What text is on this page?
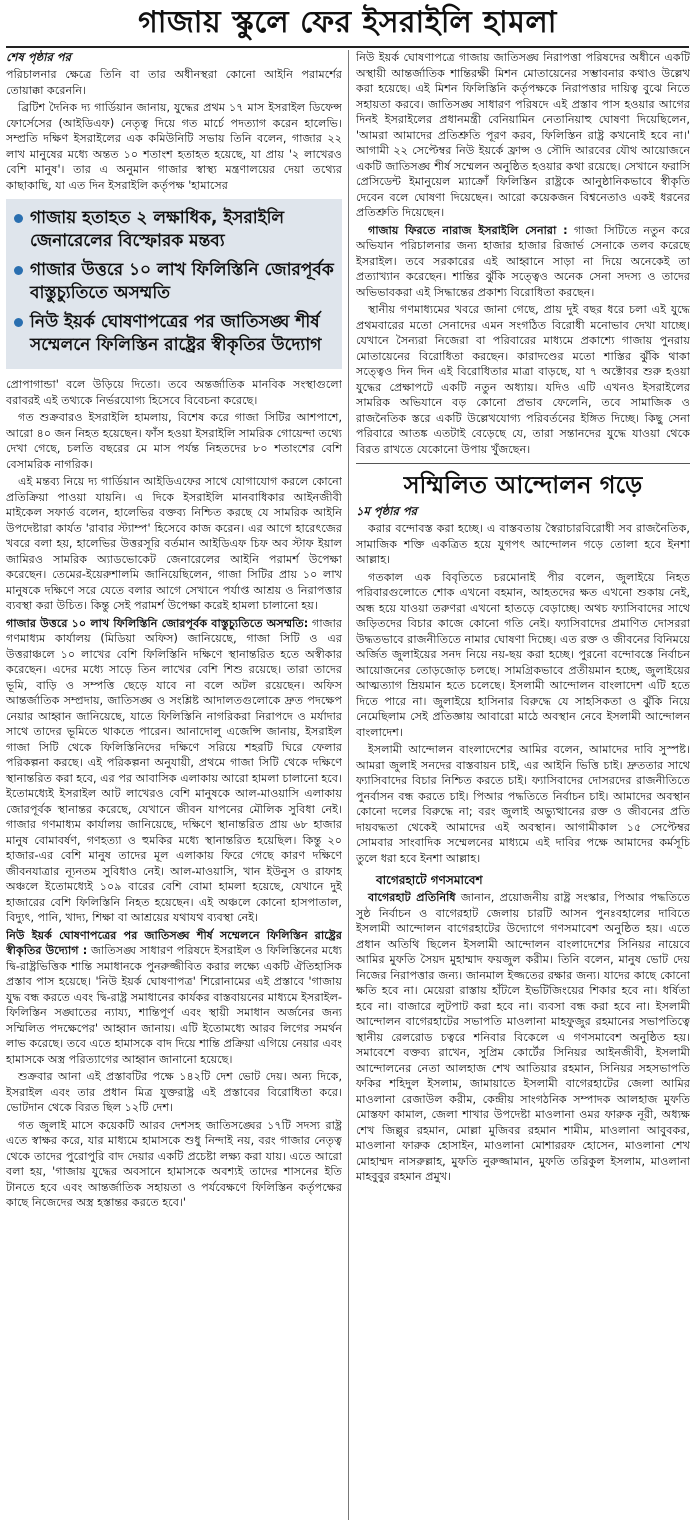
গাজায় স্কুলে ফের ইসরাইলি হামলা
শেষ পৃষ্ঠার পর

পরিচালনার ক্ষেত্রে তিনি বা তার অধীনস্থরা কোনো আইনি পরামর্শের তোয়াক্কা করেননি।

ব্রিটিশ দৈনিক দ্য গার্ডিয়ান জানায়, যুদ্ধের প্রথম ১৭ মাস ইসরাইল ডিফেন্স ফোর্সেসের (আইডিএফ) নেতৃত্ব দিয়ে গত মার্চে পদত্যাগ করেন হালেভি। সম্প্রতি দক্ষিণ ইসরাইলের এক কমিউনিটি সভায় তিনি বলেন, গাজার ২২ লাখ মানুষের মধ্যে অন্তত ১০ শতাংশ হতাহত হয়েছে, যা প্রায় '২ লাখেরও বেশি মানুষ'। তার এ অনুমান গাজার স্বাস্থ্য মন্ত্রণালয়ের দেয়া তথ্যের কাছাকাছি, যা এত দিন ইসরাইলি কর্তৃপক্ষ 'হামাসের

গাজায় হতাহত ২ লক্ষাধিক, ইসরাইলি জেনারেলের বিস্ফোরক মন্তব্য
গাজার উত্তরে ১০ লাখ ফিলিস্তিনি জোরপূর্বক বাস্তুচ্যুতিতে অসম্মতি
নিউ ইয়র্ক ঘোষণাপত্রের পর জাতিসঙ্ঘ শীর্ষ সম্মেলনে ফিলিস্তিন রাষ্ট্রের স্বীকৃতির উদ্যোগ

প্রোপাগান্ডা' বলে উড়িয়ে দিতো। তবে অন্তর্জাতিক মানবিক সংস্থাগুলো বরাবরই এই তথ্যকে নির্ভরযোগ্য হিসেবে বিবেচনা করেছে।

গত শুক্রবারও ইসরাইলি হামলায়, বিশেষ করে গাজা সিটির আশপাশে, আরো ৪০ জন নিহত হয়েছেন। ফাঁস হওয়া ইসরাইলি সামরিক গোয়েন্দা তথ্যে দেখা গেছে, চলতি বছরের মে মাস পর্যন্ত নিহতদের ৮০ শতাংশের বেশি বেসামরিক নাগরিক।

এই মন্তব্য নিয়ে দ্য গার্ডিয়ান আইডিএফের সাথে যোগাযোগ করলে কোনো প্রতিক্রিয়া পাওয়া যায়নি। এ দিকে ইসরাইলি মানবাধিকার আইনজীবী মাইকেল সফার্ড বলেন, হালেভির বক্তব্য নিশ্চিত করছে যে সামরিক আইনি উপদেষ্টারা কার্যত 'রাবার স্ট্যাম্প' হিসেবে কাজ করেন। এর আগে হারেৎজের খবরে বলা হয়, হালেভির উত্তরসূরি বর্তমান আইডিএফ চিফ অব স্টাফ ইয়াল জামিরও সামরিক অ্যাডভোকেট জেনারেলের আইনি পরামর্শ উপেক্ষা করেছেন। তেমের-ইয়েরুশালমি জানিয়েছিলেন, গাজা সিটির প্রায় ১০ লাখ মানুষকে দক্ষিণে সরে যেতে বলার আগে সেখানে পর্যাপ্ত আশ্রয় ও নিরাপত্তার ব্যবস্থা করা উচিত। কিন্তু সেই পরামর্শ উপেক্ষা করেই হামলা চালানো হয়।

গাজার উত্তরে ১০ লাখ ফিলিস্তিনি জোরপূর্বক বাস্তুচ্যুতিতে অসম্মতি: গাজার গণমাধ্যম কার্যালয় (মিডিয়া অফিস) জানিয়েছে, গাজা সিটি ও এর উত্তরাঞ্চলে ১০ লাখের বেশি ফিলিস্তিনি দক্ষিণে স্থানান্তরিত হতে অস্বীকার করেছেন। এদের মধ্যে সাড়ে তিন লাখের বেশি শিশু রয়েছে। তারা তাদের ভূমি, বাড়ি ও সম্পত্তি ছেড়ে যাবে না বলে অটল রয়েছেন। অফিস আন্তর্জাতিক সম্প্রদায়, জাতিসঙ্ঘ ও সংশ্লিষ্ট আদালতগুলোকে দ্রুত পদক্ষেপ নেয়ার আহ্বান জানিয়েছে, যাতে ফিলিস্তিনি নাগরিকরা নিরাপদে ও মর্যাদার সাথে তাদের ভূমিতে থাকতে পারেন। আনাদোলু এজেন্সি জানায়, ইসরাইল গাজা সিটি থেকে ফিলিস্তিনিদের দক্ষিণে সরিয়ে শহরটি ঘিরে ফেলার পরিকল্পনা করছে। এই পরিকল্পনা অনুযায়ী, প্রথমে গাজা সিটি থেকে দক্ষিণে স্থানান্তরিত করা হবে, এর পর আবাসিক এলাকায় আরো হামলা চালানো হবে। ইতোমধ্যেই ইসরাইল আট লাখেরও বেশি মানুষকে আল-মাওয়াসি এলাকায় জোরপূর্বক স্থানান্তর করেছে, যেখানে জীবন যাপনের মৌলিক সুবিধা নেই। গাজার গণমাধ্যম কার্যালয় জানিয়েছে, দক্ষিণে স্থানান্তরিত প্রায় ৬৮ হাজার মানুষ বোমাবর্ষণ, গণহত্যা ও হুমকির মধ্যে স্থানান্তরিত হয়েছিল। কিন্তু ২০ হাজার-এর বেশি মানুষ তাদের মূল এলাকায় ফিরে গেছে কারণ দক্ষিণে জীবনযাত্রার ন্যূনতম সুবিধাও নেই। আল-মাওয়াসি, খান ইউনুস ও রাফাহ অঞ্চলে ইতোমধ্যেই ১০৯ বারের বেশি বোমা হামলা হয়েছে, যেখানে দুই হাজারের বেশি ফিলিস্তিনি নিহত হয়েছেন। এই অঞ্চলে কোনো হাসপাতাল, বিদ্যুৎ, পানি, খাদ্য, শিক্ষা বা আশ্রয়ের যথাযথ ব্যবস্থা নেই।

নিউ ইয়র্ক ঘোষণাপত্রের পর জাতিসঙ্ঘ শীর্ষ সম্মেলনে ফিলিস্তিন রাষ্ট্রের স্বীকৃতির উদ্যোগ : জাতিসঙ্ঘ সাধারণ পরিষদে ইসরাইল ও ফিলিস্তিনের মধ্যে দ্বি-রাষ্ট্রভিত্তিক শান্তি সমাধানকে পুনরুজ্জীবিত করার লক্ষ্যে একটি ঐতিহাসিক প্রস্তাব পাস হয়েছে। 'নিউ ইয়র্ক ঘোষণাপত্র' শিরোনামের এই প্রস্তাবে 'গাজায় যুদ্ধ বন্ধ করতে এবং দ্বি-রাষ্ট্র সমাধানের কার্যকর বাস্তবায়নের মাধ্যমে ইসরাইল-ফিলিস্তিন সঙ্ঘাতের ন্যায্য, শান্তিপূর্ণ এবং স্থায়ী সমাধান অর্জনের জন্য সম্মিলিত পদক্ষেপের' আহ্বান জানায়। এটি ইতোমধ্যে আরব লিগের সমর্থন লাভ করেছে। তবে এতে হামাসকে বাদ দিয়ে শান্তি প্রক্রিয়া এগিয়ে নেয়ার এবং হামাসকে অস্ত্র পরিত্যাগের আহ্বান জানানো হয়েছে।

শুক্রবার আনা এই প্রস্তাবটির পক্ষে ১৪২টি দেশ ভোট দেয়। অন্য দিকে, ইসরাইল এবং তার প্রধান মিত্র যুক্তরাষ্ট্র এই প্রস্তাবের বিরোধিতা করে। ভোটদান থেকে বিরত ছিল ১২টি দেশ।

গত জুলাই মাসে কয়েকটি আরব দেশসহ জাতিসঙ্ঘের ১৭টি সদস্য রাষ্ট্র এতে স্বাক্ষর করে, যার মাধ্যমে হামাসকে শুধু নিন্দাই নয়, বরং গাজার নেতৃত্ব থেকে তাদের পুরোপুরি বাদ দেয়ার একটি প্রচেষ্টা লক্ষ্য করা যায়। এতে আরো বলা হয়, 'গাজায় যুদ্ধের অবসানে হামাসকে অবশ্যই তাদের শাসনের ইতি টানতে হবে এবং আন্তর্জাতিক সহায়তা ও পর্যবেক্ষণে ফিলিস্তিন কর্তৃপক্ষের কাছে নিজেদের অস্ত্র হস্তান্তর করতে হবে।'

নিউ ইয়র্ক ঘোষণাপত্রে গাজায় জাতিসঙ্ঘ নিরাপত্তা পরিষদের অধীনে একটি অস্থায়ী আন্তর্জাতিক শান্তিরক্ষী মিশন মোতায়েনের সম্ভাবনার কথাও উল্লেখ করা হয়েছে। এই মিশন ফিলিস্তিনি কর্তৃপক্ষকে নিরাপত্তার দায়িত্ব বুঝে নিতে সহায়তা করবে। জাতিসঙ্ঘ সাধারণ পরিষদে এই প্রস্তাব পাস হওয়ার আগের দিনই ইসরাইলের প্রধানমন্ত্রী বেনিয়ামিন নেতানিয়াহু ঘোষণা দিয়েছিলেন, 'আমরা আমাদের প্রতিশ্রুতি পূরণ করব, ফিলিস্তিন রাষ্ট্র কখনোই হবে না।' আগামী ২২ সেপ্টেম্বর নিউ ইয়র্কে ফ্রান্স ও সৌদি আরবের যৌথ আয়োজনে একটি জাতিসঙ্ঘ শীর্ষ সম্মেলন অনুষ্ঠিত হওয়ার কথা রয়েছে। সেখানে ফরাসি প্রেসিডেন্ট ইমানুয়েল ম্যাক্রোঁ ফিলিস্তিন রাষ্ট্রকে আনুষ্ঠানিকভাবে স্বীকৃতি দেবেন বলে ঘোষণা দিয়েছেন। আরো কয়েকজন বিশ্বনেতাও একই ধরনের প্রতিশ্রুতি দিয়েছেন।

গাজায় ফিরতে নারাজ ইসরাইলি সেনারা : গাজা সিটিতে নতুন করে অভিযান পরিচালনার জন্য হাজার হাজার রিজার্ভ সেনাকে তলব করেছে ইসরাইল। তবে সরকারের এই আহ্বানে সাড়া না দিয়ে অনেকেই তা প্রত্যাখ্যান করেছেন। শান্তির ঝুঁকি সত্ত্বেও অনেক সেনা সদস্য ও তাদের অভিভাবকরা এই সিদ্ধান্তের প্রকাশ্য বিরোধিতা করছেন।

স্থানীয় গণমাধ্যমের খবরে জানা গেছে, প্রায় দুই বছর ধরে চলা এই যুদ্ধে প্রথমবারের মতো সেনাদের এমন সংগঠিত বিরোধী মনোভাব দেখা যাচ্ছে। যেখানে সৈন্যরা নিজেরা বা পরিবারের মাধ্যমে প্রকাশ্যে গাজায় পুনরায় মোতায়েনের বিরোধিতা করছেন। কারাদণ্ডের মতো শাস্তির ঝুঁকি থাকা সত্ত্বেও দিন দিন এই বিরোধিতার মাত্রা বাড়ছে, যা ৭ অক্টোবর শুরু হওয়া যুদ্ধের প্রেক্ষাপটে একটি নতুন অধ্যায়। যদিও এটি এখনও ইসরাইলের সামরিক অভিযানে বড় কোনো প্রভাব ফেলেনি, তবে সামাজিক ও রাজনৈতিক স্তরে একটি উল্লেখযোগ্য পরিবর্তনের ইঙ্গিত দিচ্ছে। কিছু সেনা পরিবারে আতঙ্ক এতটাই বেড়েছে যে, তারা সন্তানদের যুদ্ধে যাওয়া থেকে বিরত রাখতে যেকোনো উপায় খুঁজছেন।

সম্মিলিত আন্দোলন গড়ে
১ম পৃষ্ঠার পর

করার বন্দোবস্ত করা হচ্ছে। এ বাস্তবতায় স্বৈরাচারবিরোধী সব রাজনৈতিক, সামাজিক শক্তি একত্রিত হয়ে যুগপৎ আন্দোলন গড়ে তোলা হবে ইনশা আল্লাহ।

গতকাল এক বিবৃতিতে চরমোনাই পীর বলেন, জুলাইয়ে নিহত পরিবারগুলোতে শোক এখনো বহমান, আহতদের ক্ষত এখনো শুকায় নেই, অন্ধ হয়ে যাওয়া তরুণরা এখনো হাতড়ে বেড়াচ্ছে। অথচ ফ্যাসিবাদের সাথে জড়িতদের বিচার কাজে কোনো গতি নেই। ফ্যাসিবাদের প্রমাণিত দোসররা উদ্ধতভাবে রাজনীতিতে নামার ঘোষণা দিচ্ছে। এত রক্ত ও জীবনের বিনিময়ে অর্জিত জুলাইয়ের সনদ নিয়ে নয়-ছয় করা হচ্ছে। পুরনো বন্দোবস্তে নির্বাচন আয়োজনের তোড়জোড় চলছে। সামগ্রিকভাবে প্রতীয়মান হচ্ছে, জুলাইয়ের আত্মত্যাগ ম্রিয়মান হতে চলেছে। ইসলামী আন্দোলন বাংলাদেশ এটি হতে দিতে পারে না। জুলাইয়ে হাসিনার বিরুদ্ধে যে সাহসিকতা ও ঝুঁকি নিয়ে নেমেছিলাম সেই প্রতিজ্ঞায় আবারো মাঠে অবস্থান নেবে ইসলামী আন্দোলন বাংলাদেশ।

ইসলামী আন্দোলন বাংলাদেশের আমির বলেন, আমাদের দাবি সুস্পষ্ট। আমরা জুলাই সনদের বাস্তবায়ন চাই, এর আইনি ভিত্তি চাই। দ্রুততার সাথে ফ্যাসিবাদের বিচার নিশ্চিত করতে চাই। ফ্যাসিবাদের দোসরদের রাজনীতিতে পুনর্বাসন বন্ধ করতে চাই। পিআর পদ্ধতিতে নির্বাচন চাই। আমাদের অবস্থান কোনো দলের বিরুদ্ধে না; বরং জুলাই অভ্যুত্থানের রক্ত ও জীবনের প্রতি দায়বদ্ধতা থেকেই আমাদের এই অবস্থান। আগামীকাল ১৫ সেপ্টেম্বর সোমবার সাংবাদিক সম্মেলনের মাধ্যমে এই দাবির পক্ষে আমাদের কর্মসূচি তুলে ধরা হবে ইনশা আল্লাহ।

বাগেরহাটে গণসমাবেশ

বাগেরহাট প্রতিনিধি জানান, প্রয়োজনীয় রাষ্ট্র সংস্কার, পিআর পদ্ধতিতে সুষ্ঠ নির্বাচন ও বাগেরহাট জেলায় চারটি আসন পুনঃবহালের দাবিতে ইসলামী আন্দোলন বাগেরহাটের উদ্যোগে গণসমাবেশ অনুষ্ঠিত হয়। এতে প্রধান অতিথি ছিলেন ইসলামী আন্দোলন বাংলাদেশের সিনিয়র নায়েবে আমির মুফতি সৈয়দ মুহাম্মাদ ফয়জুল করীম। তিনি বলেন, মানুষ ভোট দেয় নিজের নিরাপত্তার জন্য। জানমাল ইজ্জতের রক্ষার জন্য। যাদের কাছে কোনো ক্ষতি হবে না। মেয়েরা রাস্তায় হাঁটলে ইভটিজিংয়ের শিকার হবে না। ধর্ষিতা হবে না। বাজারে লুটপাট করা হবে না। ব্যবসা বন্ধ করা হবে না। ইসলামী আন্দোলন বাগেরহাটের সভাপতি মাওলানা মাহফুজুর রহমানের সভাপতিত্বে স্থানীয় রেলরোড চত্বরে শনিবার বিকেলে এ গণসমাবেশ অনুষ্ঠিত হয়। সমাবেশে বক্তব্য রাখেন, সুপ্রিম কোর্টের সিনিয়র আইনজীবী, ইসলামী আন্দোলনের নেতা আলহাজ শেখ আতিয়ার রহমান, সিনিয়র সহসভাপতি ফকির শহিদুল ইসলাম, জামায়াতে ইসলামী বাগেরহাটের জেলা আমির মাওলানা রেজাউল করীম, কেন্দ্রীয় সাংগঠনিক সম্পাদক আলহাজ মুফতি মোস্তফা কামাল, জেলা শাখার উপদেষ্টা মাওলানা ওমর ফারুক নূরী, অধ্যক্ষ শেখ জিল্লুর রহমান, মোল্লা মুজিবর রহমান শামীম, মাওলানা আবুবকর, মাওলানা ফারুক হোসাইন, মাওলানা মোশাররফ হোসেন, মাওলানা শেখ মোহাম্মদ নাসরুল্লাহ, মুফতি নুরুজ্জামান, মুফতি তরিকুল ইসলাম, মাওলানা মাহবুবুর রহমান প্রমুখ।
